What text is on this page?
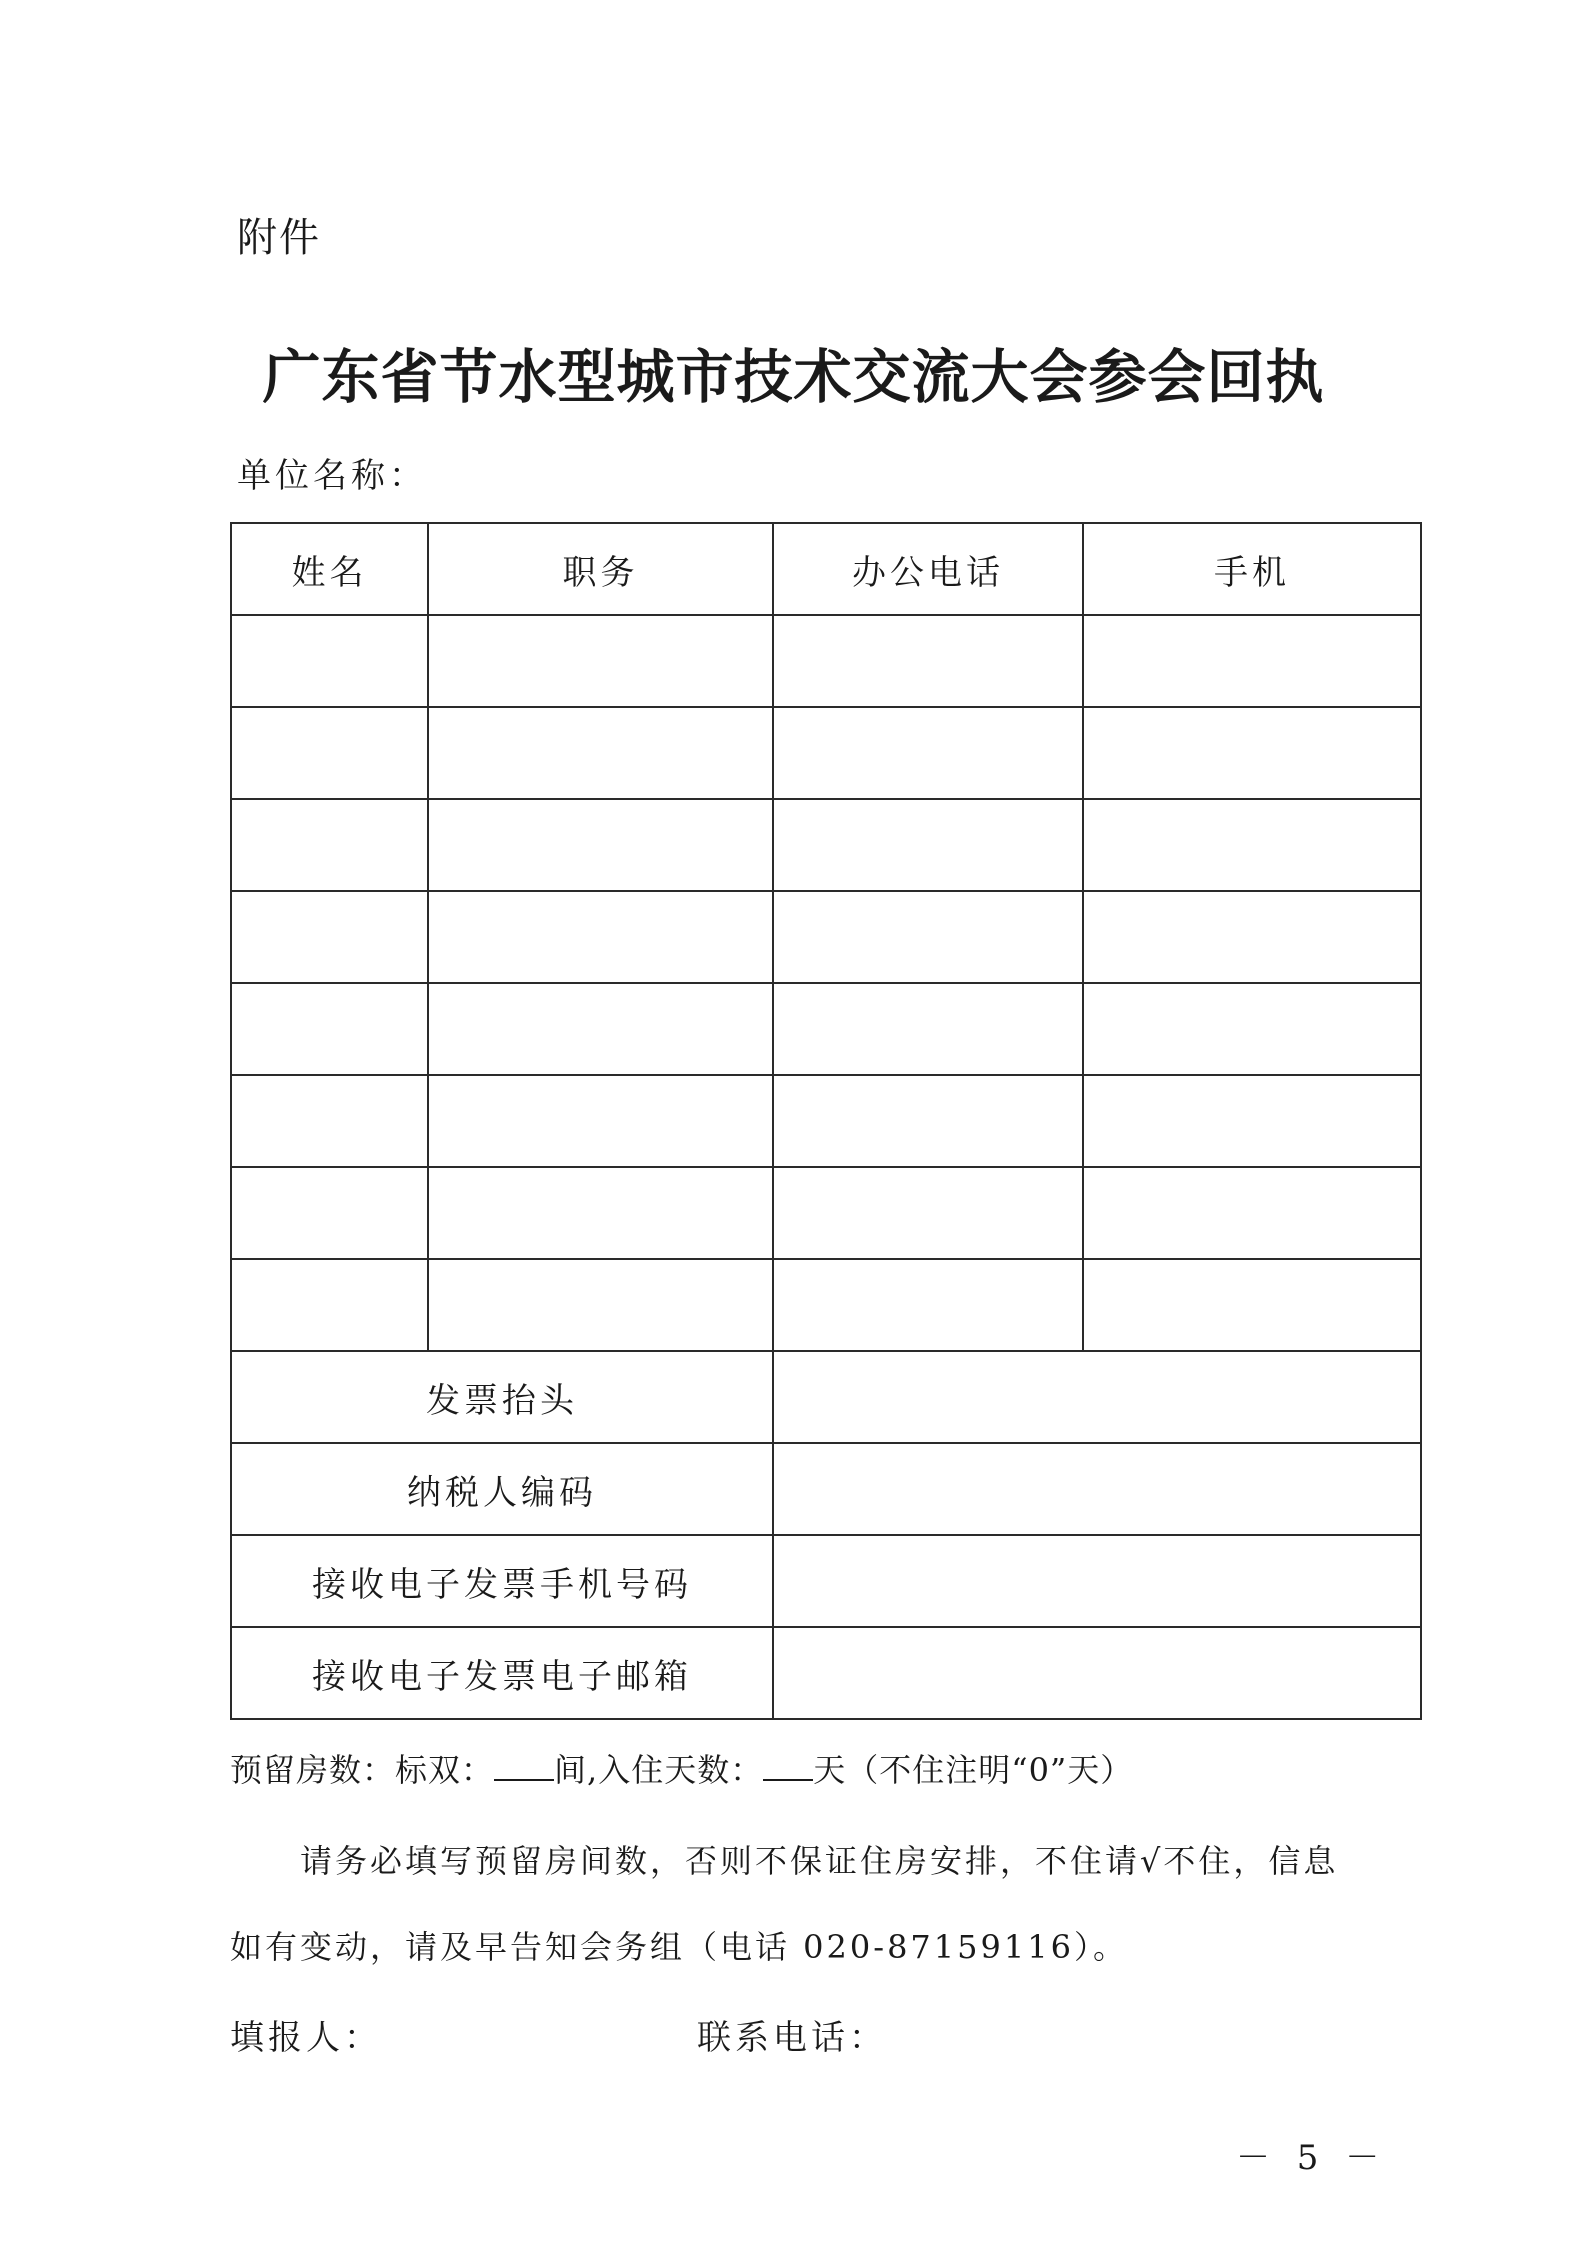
附件
广东省节水型城市技术交流大会参会回执
单位名称：
姓名	职务	办公电话	手机

发票抬头			
纳税人编码			
接收电子发票手机号码			
接收电子发票电子邮箱			
预留房数：标双： 间,入住天数： 天（不住注明“0”天）
请务必填写预留房间数，否则不保证住房安排，不住请√不住，信息
如有变动，请及早告知会务组（电话 020-87159116）。
填报人：	联系电话：
－ 5 －
